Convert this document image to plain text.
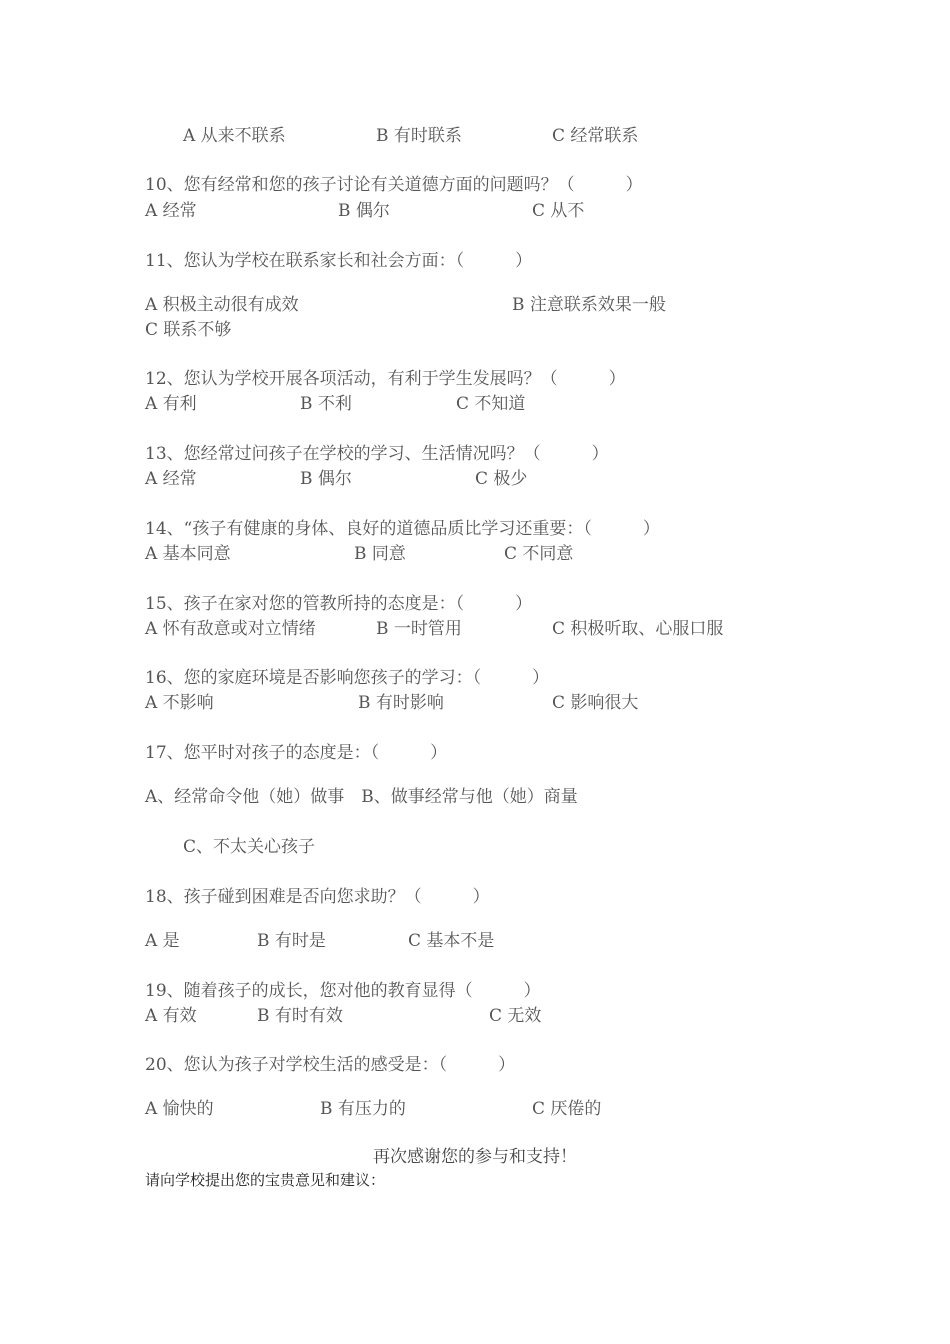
A 从来不联系	B 有时联系	C 经常联系
10、您有经常和您的孩子讨论有关道德方面的问题吗？（　　　）
A 经常	B 偶尔	C 从不
11、您认为学校在联系家长和社会方面：（　　　）
A 积极主动很有成效	B 注意联系效果一般
C 联系不够
12、您认为学校开展各项活动，有利于学生发展吗？（　　　）
A 有利	B 不利	C 不知道
13、您经常过问孩子在学校的学习、生活情况吗？（　　　）
A 经常	B 偶尔	C 极少
14、“孩子有健康的身体、良好的道德品质比学习还重要：（　　　）
A 基本同意	B 同意	C 不同意
15、孩子在家对您的管教所持的态度是：（　　　）
A 怀有敌意或对立情绪	B 一时管用	C 积极听取、心服口服
16、您的家庭环境是否影响您孩子的学习：（　　　）
A 不影响	B 有时影响	C 影响很大
17、您平时对孩子的态度是：（　　　）
A、经常命令他（她）做事　B、做事经常与他（她）商量
C、不太关心孩子
18、孩子碰到困难是否向您求助？（　　　）
A 是	B 有时是	C 基本不是
19、随着孩子的成长，您对他的教育显得（　　　）
A 有效	B 有时有效	C 无效
20、您认为孩子对学校生活的感受是：（　　　）
A 愉快的	B 有压力的	C 厌倦的
再次感谢您的参与和支持！
请向学校提出您的宝贵意见和建议：
